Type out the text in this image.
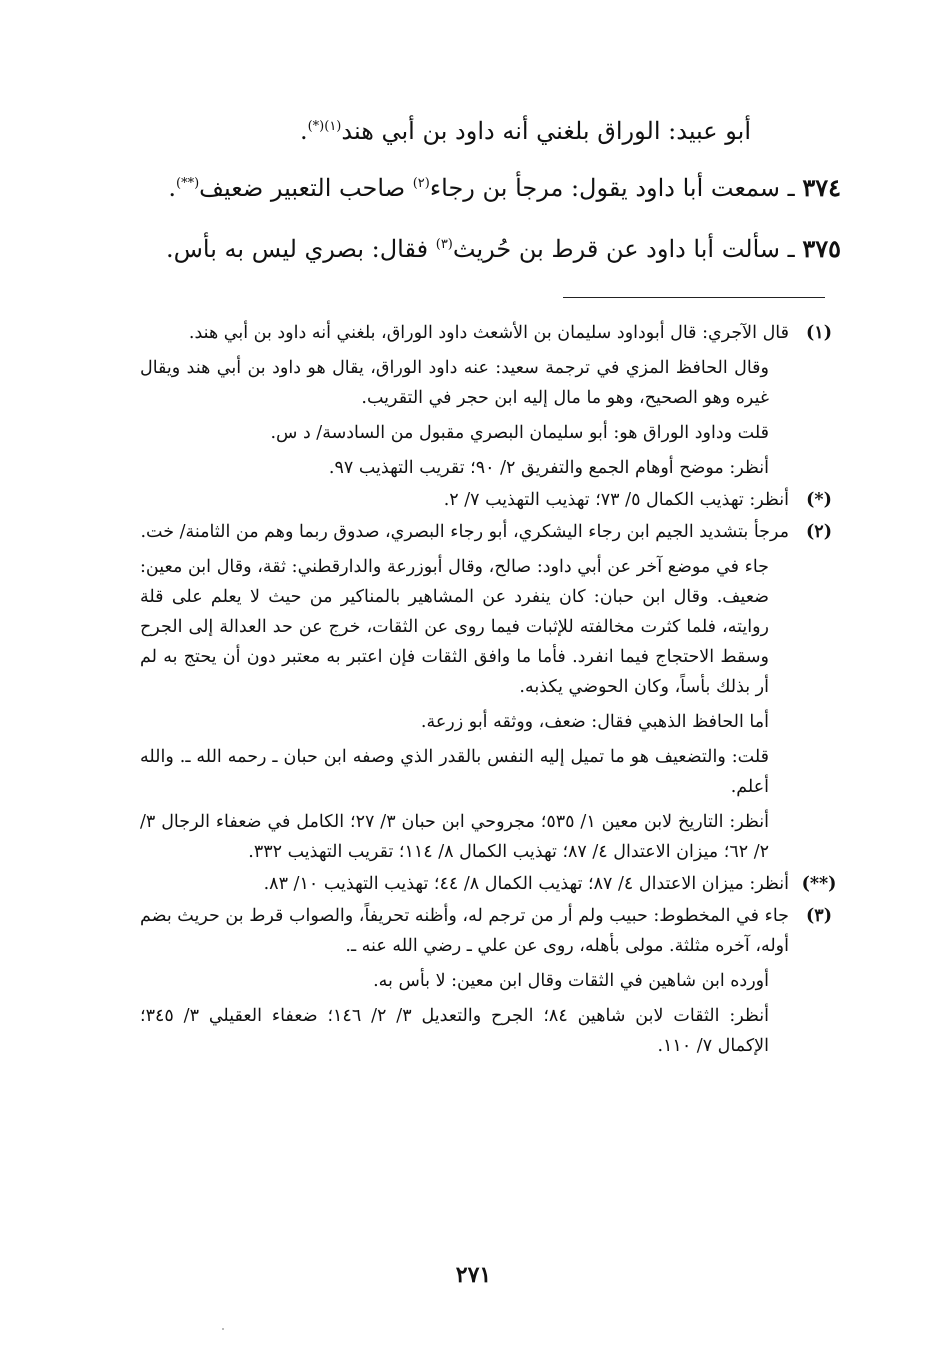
أبو عبيد: الوراق بلغني أنه داود بن أبي هند$^{(١)(*)}$.
٣٧٤ ـ سمعت أبا داود يقول: مرجأ بن رجاء$^{(٢)}$ صاحب التعبير ضعيف(**).
٣٧٥ ـ سألت أبا داود عن قرط بن حُريث$^{(٣)}$ فقال: بصري ليس به بأس.
(١)
قال الآجري: قال أبوداود سليمان بن الأشعث داود الوراق، بلغني أنه داود بن أبي هند.
وقال الحافظ المزي في ترجمة سعيد: عنه داود الوراق، يقال هو داود بن أبي هند ويقال غيره وهو الصحيح، وهو ما مال إليه ابن حجر في التقريب.
قلت وداود الوراق هو: أبو سليمان البصري مقبول من السادسة/ د س.
أنظر: موضح أوهام الجمع والتفريق ٢/ ٩٠؛ تقريب التهذيب ٩٧.
(*)
أنظر: تهذيب الكمال ٥/ ٧٣؛ تهذيب التهذيب ٧/ ٢.
(٢)
مرجأ بتشديد الجيم ابن رجاء اليشكري، أبو رجاء البصري، صدوق ربما وهم من الثامنة/ خت.
جاء في موضع آخر عن أبي داود: صالح، وقال أبوزرعة والدارقطني: ثقة، وقال ابن معين: ضعيف. وقال ابن حبان: كان ينفرد عن المشاهير بالمناكير من حيث لا يعلم على قلة روايته، فلما كثرت مخالفته للإثبات فيما روى عن الثقات، خرج عن حد العدالة إلى الجرح وسقط الاحتجاج فيما انفرد. فأما ما وافق الثقات فإن اعتبر به معتبر دون أن يحتج به لم أر بذلك بأساً، وكان الحوضي يكذبه.
أما الحافظ الذهبي فقال: ضعف، ووثقه أبو زرعة.
قلت: والتضعيف هو ما تميل إليه النفس بالقدر الذي وصفه ابن حبان ـ رحمه الله ـ. والله أعلم.
أنظر: التاريخ لابن معين ١/ ٥٣٥؛ مجروحي ابن حبان ٣/ ٢٧؛ الكامل في ضعفاء الرجال ٣/ ٢/ ٦٢؛ ميزان الاعتدال ٤/ ٨٧؛ تهذيب الكمال ٨/ ١١٤؛ تقريب التهذيب ٣٣٢.
(**)
أنظر: ميزان الاعتدال ٤/ ٨٧؛ تهذيب الكمال ٨/ ٤٤؛ تهذيب التهذيب ١٠/ ٨٣.
(٣)
جاء في المخطوط: حبيب ولم أر من ترجم له، وأظنه تحريفاً، والصواب قرط بن حريث بضم أوله، آخره مثلثة. مولى بأهله، روى عن علي ـ رضي الله عنه ـ.
أورده ابن شاهين في الثقات وقال ابن معين: لا بأس به.
أنظر: الثقات لابن شاهين ٨٤؛ الجرح والتعديل ٣/ ٢/ ١٤٦؛ ضعفاء العقيلي ٣/ ٣٤٥؛ الإكمال ٧/ ١١٠.
٢٧١
